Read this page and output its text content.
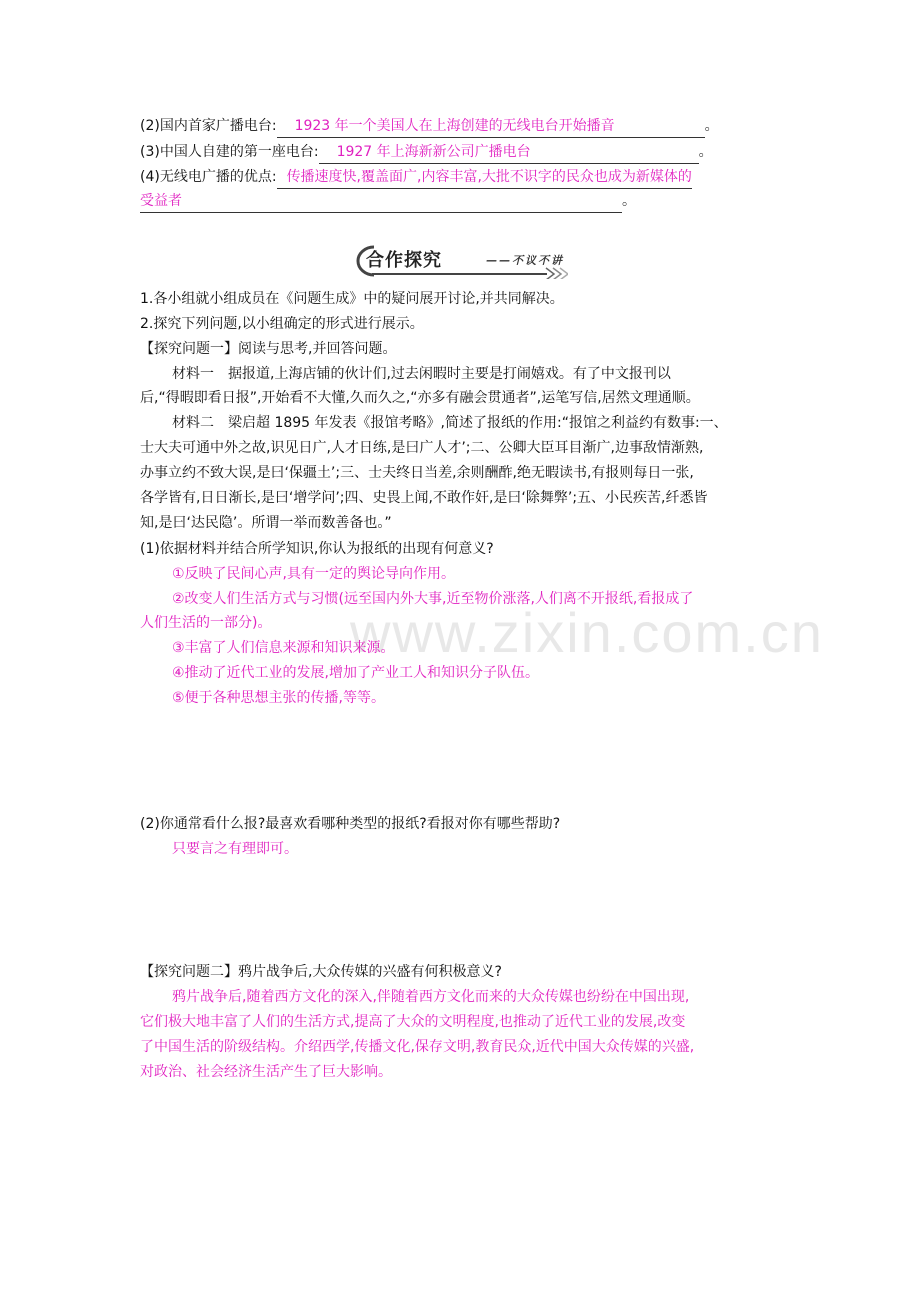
www.zixin.com.cn
(2)国内首家广播电台: 1923 年一个美国人在上海创建的无线电台开始播音	。
(3)中国人自建的第一座电台: 1927 年上海新新公司广播电台	。
(4)无线电广播的优点: 传播速度快,覆盖面广,内容丰富,大批不识字的民众也成为新媒体的
受益者	。
合作探究	——不议不讲
1.各小组就小组成员在《问题生成》中的疑问展开讨论,并共同解决。
2.探究下列问题,以小组确定的形式进行展示。
【探究问题一】阅读与思考,并回答问题。
材料一　据报道,上海店铺的伙计们,过去闲暇时主要是打闹嬉戏。有了中文报刊以
后,“得暇即看日报”,开始看不大懂,久而久之,“亦多有融会贯通者”,运笔写信,居然文理通顺。
材料二　梁启超 1895 年发表《报馆考略》,简述了报纸的作用:“报馆之利益约有数事:一、
士大夫可通中外之故,识见日广,人才日练,是曰广人才’;二、公卿大臣耳目渐广,边事敌情渐熟,
办事立约不致大误,是曰‘保疆土’;三、士夫终日当差,余则酬酢,绝无暇读书,有报则每日一张,
各学皆有,日日渐长,是曰‘增学问’;四、史畏上闻,不敢作奸,是曰‘除舞弊’;五、小民疾苦,纤悉皆
知,是曰‘达民隐’。所谓一举而数善备也。”
(1)依据材料并结合所学知识,你认为报纸的出现有何意义?
①反映了民间心声,具有一定的舆论导向作用。
②改变人们生活方式与习惯(远至国内外大事,近至物价涨落,人们离不开报纸,看报成了
人们生活的一部分)。
③丰富了人们信息来源和知识来源。
④推动了近代工业的发展,增加了产业工人和知识分子队伍。
⑤便于各种思想主张的传播,等等。
(2)你通常看什么报?最喜欢看哪种类型的报纸?看报对你有哪些帮助?
只要言之有理即可。
【探究问题二】鸦片战争后,大众传媒的兴盛有何积极意义?
鸦片战争后,随着西方文化的深入,伴随着西方文化而来的大众传媒也纷纷在中国出现,
它们极大地丰富了人们的生活方式,提高了大众的文明程度,也推动了近代工业的发展,改变
了中国生活的阶级结构。介绍西学,传播文化,保存文明,教育民众,近代中国大众传媒的兴盛,
对政治、社会经济生活产生了巨大影响。
